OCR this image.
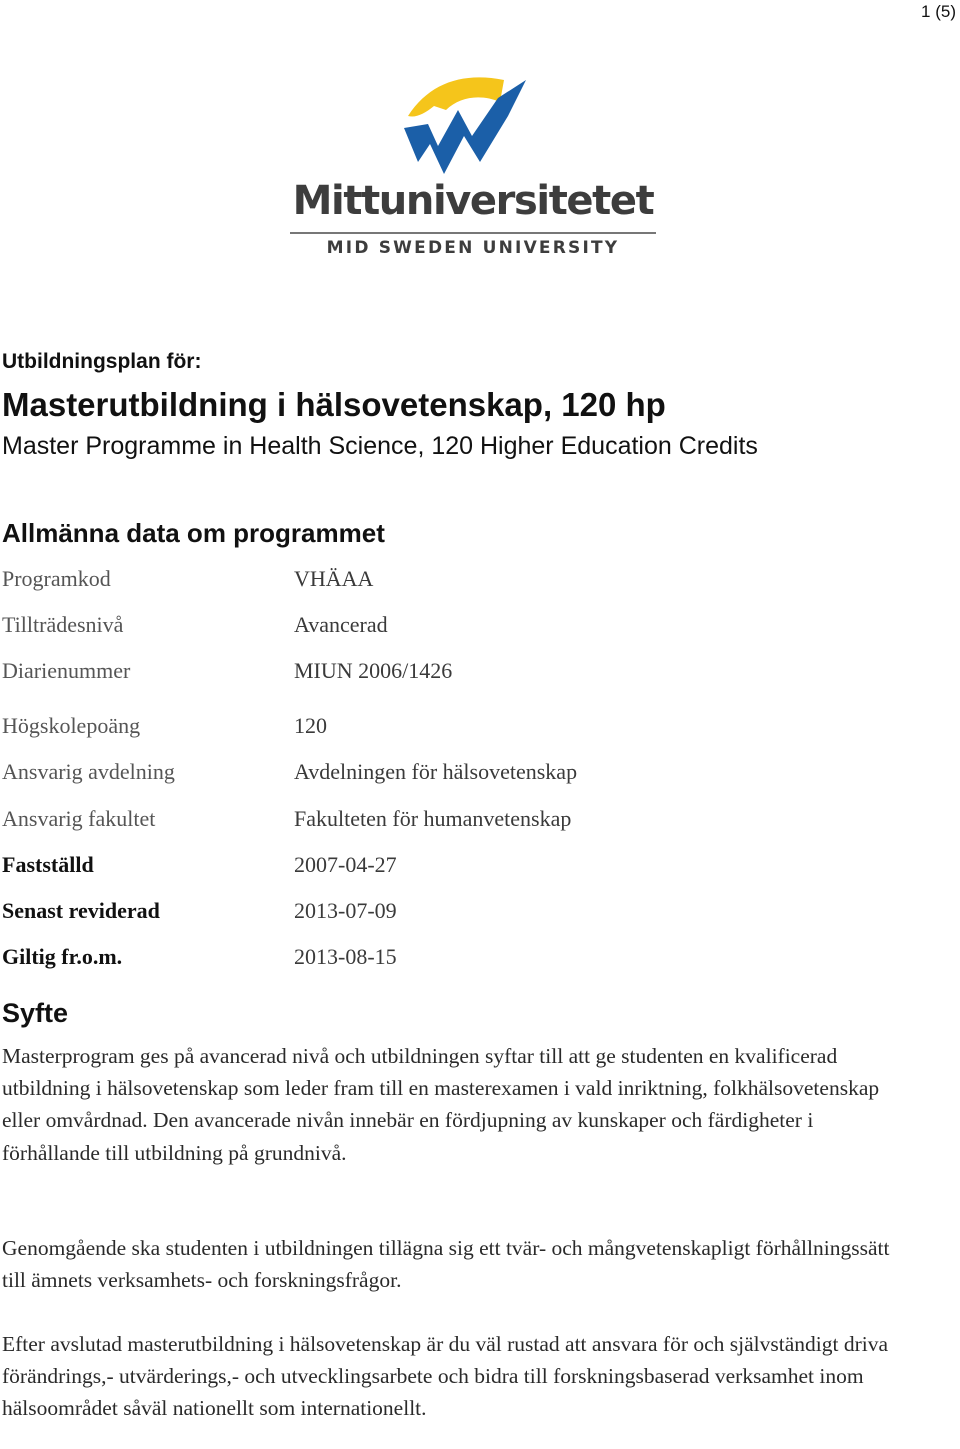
1 (5)
Mittuniversitetet
MID SWEDEN UNIVERSITY
Utbildningsplan för:
Masterutbildning i hälsovetenskap, 120 hp
Master Programme in Health Science, 120 Higher Education Credits
Allmänna data om programmet
Programkod	VHÄAA
Tillträdesnivå	Avancerad
Diarienummer	MIUN 2006/1426
Högskolepoäng	120
Ansvarig avdelning	Avdelningen för hälsovetenskap
Ansvarig fakultet	Fakulteten för humanvetenskap
Fastställd	2007-04-27
Senast reviderad	2013-07-09
Giltig fr.o.m.	2013-08-15
Syfte

Masterprogram ges på avancerad nivå och utbildningen syftar till att ge studenten en kvalificerad utbildning i hälsovetenskap som leder fram till en masterexamen i vald inriktning, folkhälsovetenskap eller omvårdnad. Den avancerade nivån innebär en fördjupning av kunskaper och färdigheter i förhållande till utbildning på grundnivå.

Genomgående ska studenten i utbildningen tillägna sig ett tvär- och mångvetenskapligt förhållningssätt till ämnets verksamhets- och forskningsfrågor.

Efter avslutad masterutbildning i hälsovetenskap är du väl rustad att ansvara för och självständigt driva förändrings,- utvärderings,- och utvecklingsarbete och bidra till forskningsbaserad verksamhet inom hälsoområdet såväl nationellt som internationellt.
